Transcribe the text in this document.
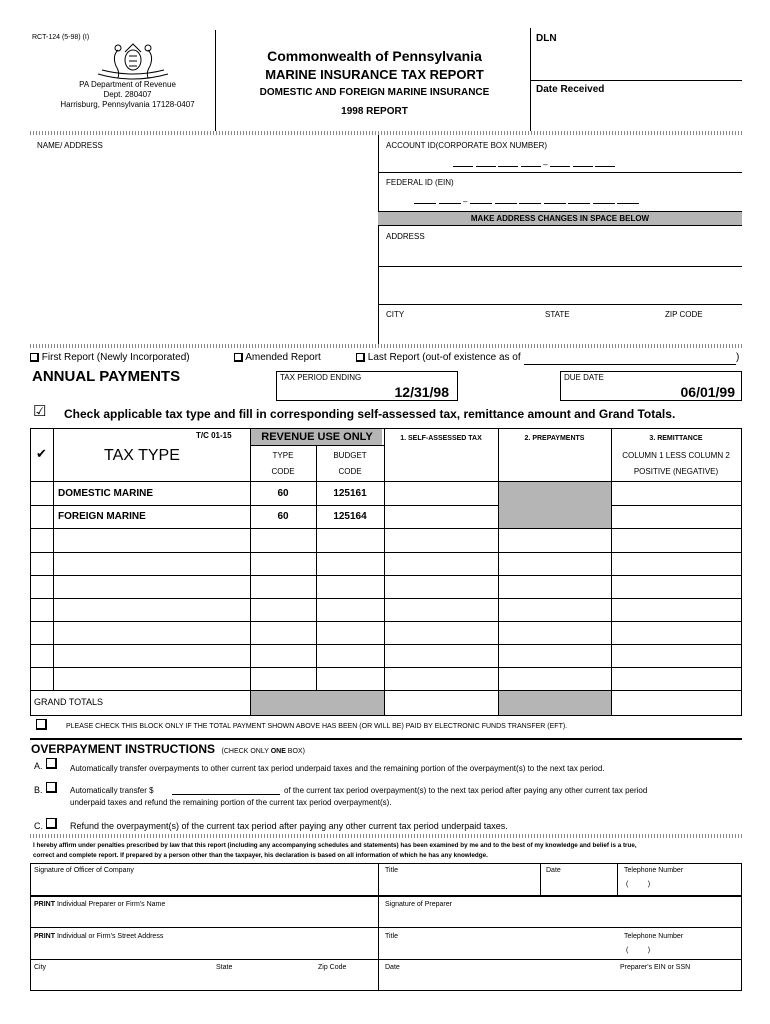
RCT-124 (5-98) (I)
PA Department of Revenue
Dept. 280407
Harrisburg, Pennsylvania 17128-0407
Commonwealth of Pennsylvania
MARINE INSURANCE TAX REPORT
DOMESTIC AND FOREIGN MARINE INSURANCE
1998 REPORT
DLN
Date Received
NAME/ ADDRESS	ACCOUNT ID(CORPORATE BOX NUMBER)
–
FEDERAL ID (EIN)
–
MAKE ADDRESS CHANGES IN SPACE BELOW
ADDRESS
CITY	STATE	ZIP CODE
First Report (Newly Incorporated)	Amended Report	Last Report (out-of existence as of	)
ANNUAL PAYMENTS	TAX PERIOD ENDING
12/31/98
DUE DATE
06/01/99
☑ Check applicable tax type and fill in corresponding self-assessed tax, remittance amount and Grand Totals.
T/C 01-15
✔	TAX TYPE
REVENUE USE ONLY
TYPE
CODE
BUDGET
CODE
1. SELF-ASSESSED TAX	2. PREPAYMENTS	3. REMITTANCE
COLUMN 1 LESS COLUMN 2
POSITIVE (NEGATIVE)
DOMESTIC MARINE	60	125161
FOREIGN MARINE	60	125164
GRAND TOTALS
PLEASE CHECK THIS BLOCK ONLY IF THE TOTAL PAYMENT SHOWN ABOVE HAS BEEN (OR WILL BE) PAID BY ELECTRONIC FUNDS TRANSFER (EFT).
OVERPAYMENT INSTRUCTIONS (CHECK ONLY ONE BOX)
A.	Automatically transfer overpayments to other current tax period underpaid taxes and the remaining portion of the overpayment(s) to the next tax period.
B.	Automatically transfer $	of the current tax period overpayment(s) to the next tax period after paying any other current tax period
underpaid taxes and refund the remaining portion of the current tax period overpayment(s).
C.	Refund the overpayment(s) of the current tax period after paying any other current tax period underpaid taxes.
I hereby affirm under penalties prescribed by law that this report (including any accompanying schedules and statements) has been examined by me and to the best of my knowledge and belief is a true,
correct and complete report. If prepared by a person other than the taxpayer, his declaration is based on all information of which he has any knowledge.
Signature of Officer of Company	Title	Date	Telephone Number
(          )
PRINT Individual Preparer or Firm's Name	Signature of Preparer
PRINT Individual or Firm's Street Address	Title	Telephone Number
(          )
City	State	Zip Code	Date	Preparer's EIN or SSN
